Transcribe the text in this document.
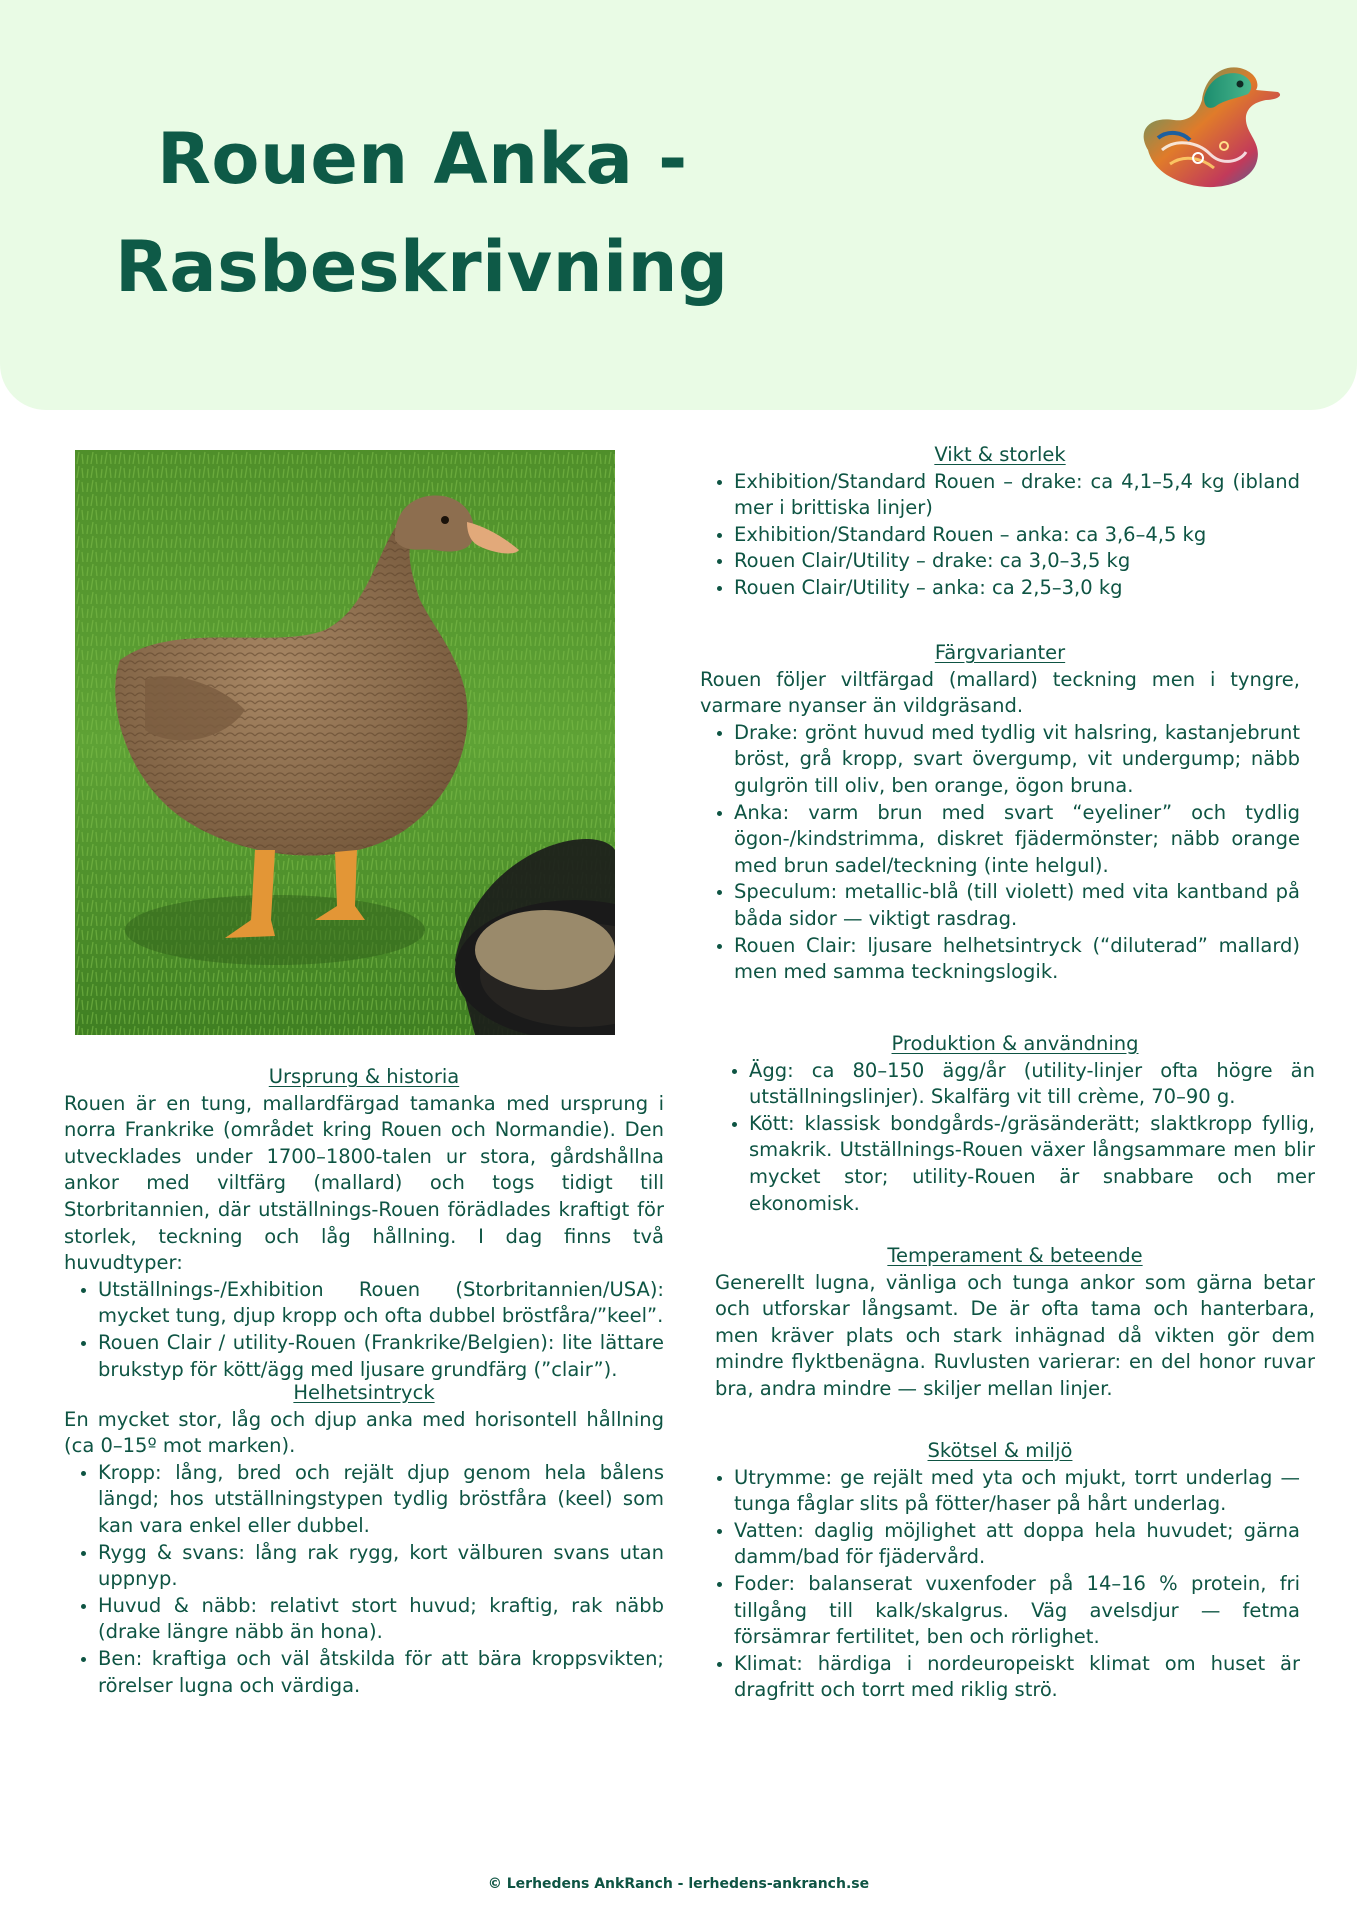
Rouen Anka -
Rasbeskrivning
Vikt & storlek
• Exhibition/Standard Rouen – drake: ca 4,1–5,4 kg (ibland mer i brittiska linjer)
• Exhibition/Standard Rouen – anka: ca 3,6–4,5 kg
• Rouen Clair/Utility – drake: ca 3,0–3,5 kg
• Rouen Clair/Utility – anka: ca 2,5–3,0 kg
Färgvarianter

Rouen följer viltfärgad (mallard) teckning men i tyngre, varmare nyanser än vildgräsand.

• Drake: grönt huvud med tydlig vit halsring, kastanjebrunt bröst, grå kropp, svart övergump, vit undergump; näbb gulgrön till oliv, ben orange, ögon bruna.
• Anka: varm brun med svart “eyeliner” och tydlig ögon-/kindstrimma, diskret fjädermönster; näbb orange med brun sadel/teckning (inte helgul).
• Speculum: metallic-blå (till violett) med vita kantband på båda sidor — viktigt rasdrag.
• Rouen Clair: ljusare helhetsintryck (“diluterad” mallard) men med samma teckningslogik.
Produktion & användning
• Ägg: ca 80–150 ägg/år (utility-linjer ofta högre än utställningslinjer). Skalfärg vit till crème, 70–90 g.
• Kött: klassisk bondgårds-/gräsänderätt; slaktkropp fyllig, smakrik. Utställnings-Rouen växer långsammare men blir mycket stor; utility-Rouen är snabbare och mer ekonomisk.
Temperament & beteende

Generellt lugna, vänliga och tunga ankor som gärna betar och utforskar långsamt. De är ofta tama och hanterbara, men kräver plats och stark inhägnad då vikten gör dem mindre flyktbenägna. Ruvlusten varierar: en del honor ruvar bra, andra mindre — skiljer mellan linjer.

Skötsel & miljö
• Utrymme: ge rejält med yta och mjukt, torrt underlag — tunga fåglar slits på fötter/haser på hårt underlag.
• Vatten: daglig möjlighet att doppa hela huvudet; gärna damm/bad för fjädervård.
• Foder: balanserat vuxenfoder på 14–16 % protein, fri tillgång till kalk/skalgrus. Väg avelsdjur — fetma försämrar fertilitet, ben och rörlighet.
• Klimat: härdiga i nordeuropeiskt klimat om huset är dragfritt och torrt med riklig strö.
Ursprung & historia

Rouen är en tung, mallardfärgad tamanka med ursprung i norra Frankrike (området kring Rouen och Normandie). Den utvecklades under 1700–1800-talen ur stora, gårdshållna ankor med viltfärg (mallard) och togs tidigt till Storbritannien, där utställnings-Rouen förädlades kraftigt för storlek, teckning och låg hållning. I dag finns två huvudtyper:

• Utställnings-/Exhibition Rouen (Storbritannien/USA): mycket tung, djup kropp och ofta dubbel bröstfåra/”keel”.
• Rouen Clair / utility-Rouen (Frankrike/Belgien): lite lättare brukstyp för kött/ägg med ljusare grundfärg (”clair”).
Helhetsintryck

En mycket stor, låg och djup anka med horisontell hållning (ca 0–15º mot marken).

• Kropp: lång, bred och rejält djup genom hela bålens längd; hos utställningstypen tydlig bröstfåra (keel) som kan vara enkel eller dubbel.
• Rygg & svans: lång rak rygg, kort välburen svans utan uppnyp.
• Huvud & näbb: relativt stort huvud; kraftig, rak näbb (drake längre näbb än hona).
• Ben: kraftiga och väl åtskilda för att bära kroppsvikten; rörelser lugna och värdiga.
© Lerhedens AnkRanch - lerhedens-ankranch.se
